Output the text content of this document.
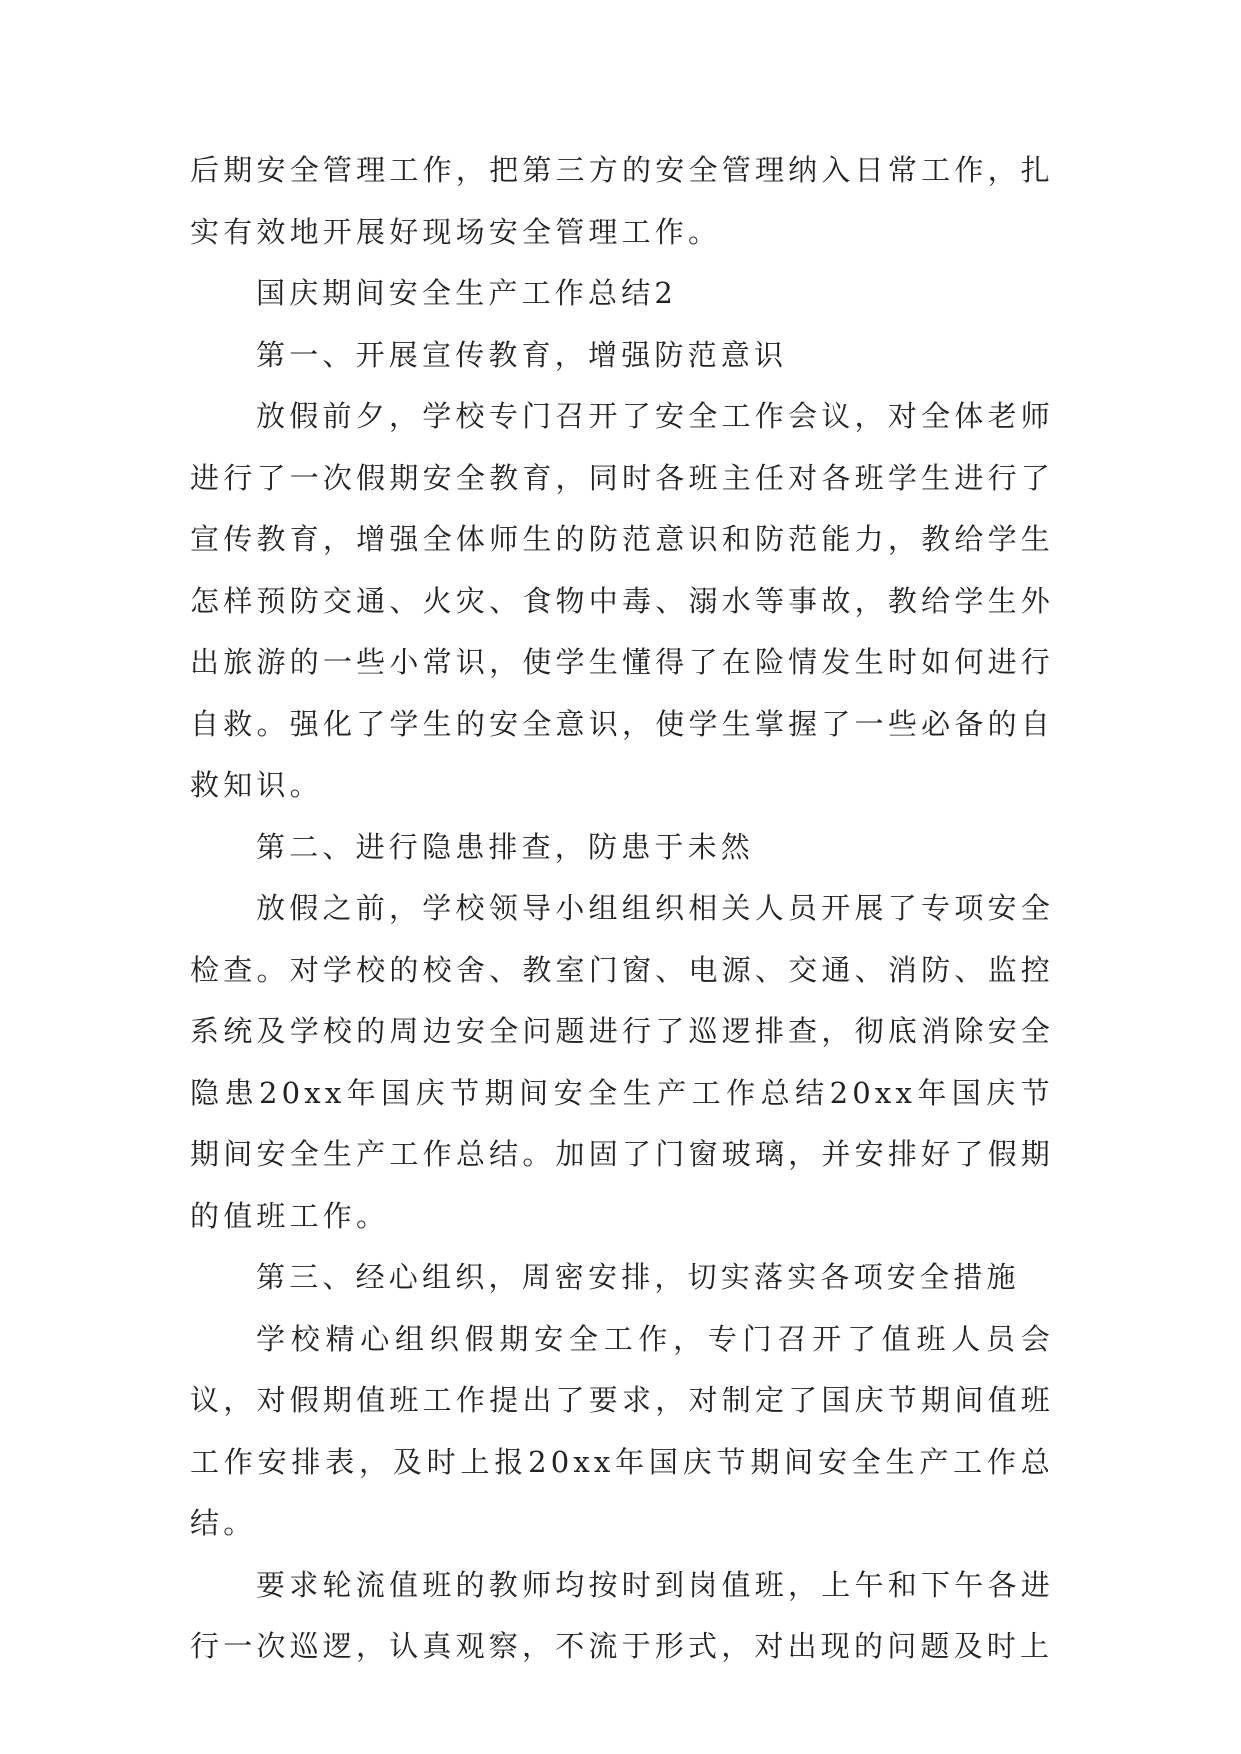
后期安全管理工作，把第三方的安全管理纳入日常工作，扎实有效地开展好现场安全管理工作。

国庆期间安全生产工作总结2

第一、开展宣传教育，增强防范意识

放假前夕，学校专门召开了安全工作会议，对全体老师进行了一次假期安全教育，同时各班主任对各班学生进行了宣传教育，增强全体师生的防范意识和防范能力，教给学生怎样预防交通、火灾、食物中毒、溺水等事故，教给学生外出旅游的一些小常识，使学生懂得了在险情发生时如何进行自救。强化了学生的安全意识，使学生掌握了一些必备的自救知识。

第二、进行隐患排查，防患于未然

放假之前，学校领导小组组织相关人员开展了专项安全检查。对学校的校舍、教室门窗、电源、交通、消防、监控系统及学校的周边安全问题进行了巡逻排查，彻底消除安全隐患20xx年国庆节期间安全生产工作总结20xx年国庆节期间安全生产工作总结。加固了门窗玻璃，并安排好了假期的值班工作。

第三、经心组织，周密安排，切实落实各项安全措施

学校精心组织假期安全工作，专门召开了值班人员会议，对假期值班工作提出了要求，对制定了国庆节期间值班工作安排表，及时上报20xx年国庆节期间安全生产工作总结。

要求轮流值班的教师均按时到岗值班，上午和下午各进行一次巡逻，认真观察，不流于形式，对出现的问题及时上
